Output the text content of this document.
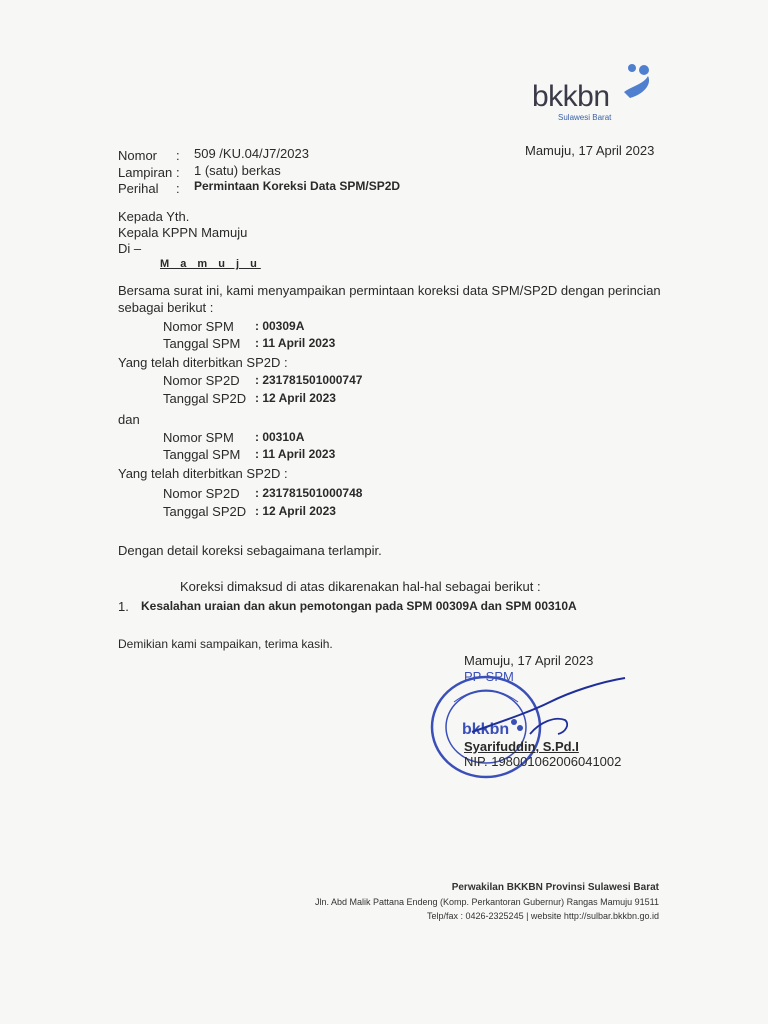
bkkbn
Sulawesi Barat
Mamuju, 17 April 2023
Nomor : 509 /KU.04/J7/2023
Lampiran : 1 (satu) berkas
Perihal : Permintaan Koreksi Data SPM/SP2D
Kepada Yth.
Kepala KPPN Mamuju
Di –
M a m u j u
Bersama surat ini, kami menyampaikan permintaan koreksi data SPM/SP2D dengan perincian
sebagai berikut :
Nomor SPM : 00309A
Tanggal SPM : 11 April 2023
Yang telah diterbitkan SP2D :
Nomor SP2D : 231781501000747
Tanggal SP2D : 12 April 2023
dan
Nomor SPM : 00310A
Tanggal SPM : 11 April 2023
Yang telah diterbitkan SP2D :
Nomor SP2D : 231781501000748
Tanggal SP2D : 12 April 2023
Dengan detail koreksi sebagaimana terlampir.
Koreksi dimaksud di atas dikarenakan hal-hal sebagai berikut :
1. Kesalahan uraian dan akun pemotongan pada SPM 00309A dan SPM 00310A
Demikian kami sampaikan, terima kasih.
Mamuju, 17 April 2023
PP-SPM
bkkbn
Syarifuddin, S.Pd.I
NIP. 198001062006041002
Perwakilan BKKBN Provinsi Sulawesi Barat
Jln. Abd Malik Pattana Endeng (Komp. Perkantoran Gubernur) Rangas Mamuju 91511
Telp/fax : 0426-2325245 | website http://sulbar.bkkbn.go.id
